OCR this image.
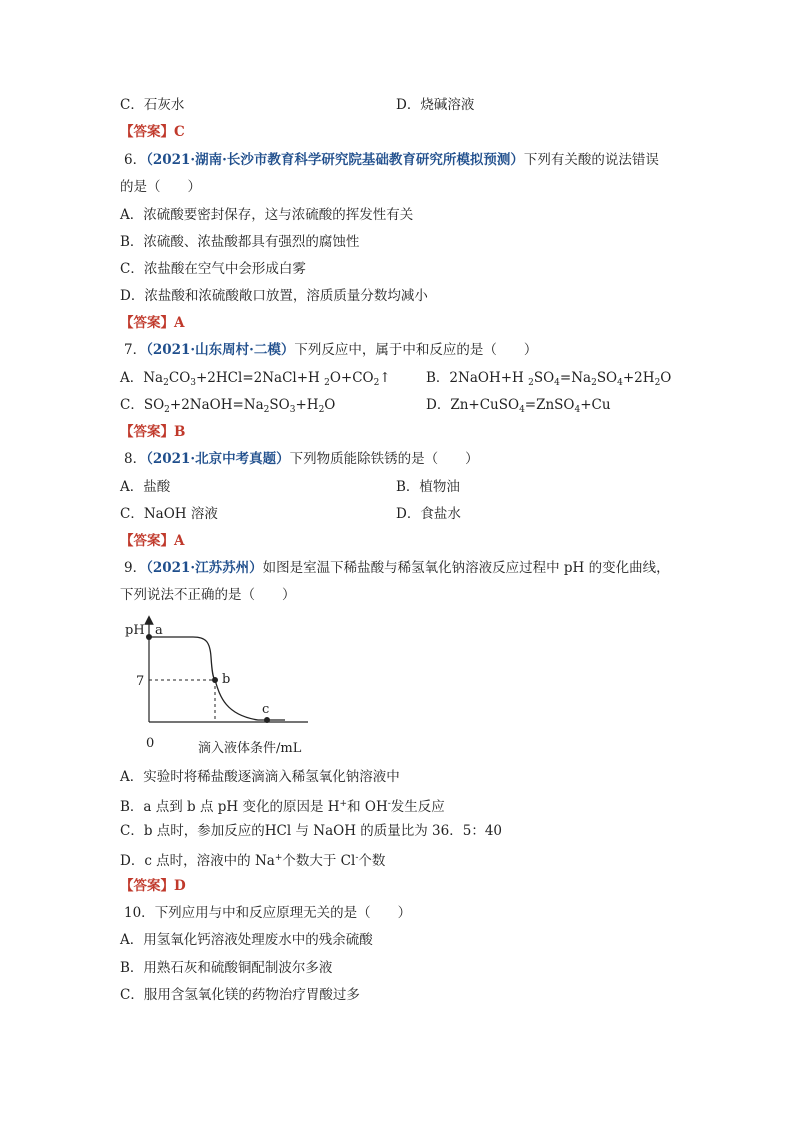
C．石灰水	D．烧碱溶液
【答案】C
6．（2021·湖南·长沙市教育科学研究院基础教育研究所模拟预测）下列有关酸的说法错误
的是（　　）
A．浓硫酸要密封保存，这与浓硫酸的挥发性有关
B．浓硫酸、浓盐酸都具有强烈的腐蚀性
C．浓盐酸在空气中会形成白雾
D．浓盐酸和浓硫酸敞口放置，溶质质量分数均减小
【答案】A
7．（2021·山东周村·二模）下列反应中，属于中和反应的是（　　）
A．$Na_2CO_3+2HCl=2NaCl+H$ $_2O+CO_2↑$	B．2NaOH+H $_2SO_4=Na_2SO_4+2H_2O$
C．$SO_2+2NaOH=Na_2SO_3+H_2O$	D．Zn+CuSO$_4$=ZnSO$_4$+Cu
【答案】B
8．（2021·北京中考真题）下列物质能除铁锈的是（　　）
A．盐酸	B．植物油
C．NaOH 溶液	D．食盐水
【答案】A
9．（2021·江苏苏州）如图是室温下稀盐酸与稀氢氧化钠溶液反应过程中 pH 的变化曲线，
下列说法不正确的是（　　）
pH a
7	b
c
0	滴入液体条件/mL
A．实验时将稀盐酸逐滴滴入稀氢氧化钠溶液中
B．a 点到 b 点 pH 变化的原因是 H+和 OH-发生反应
C．b 点时，参加反应的HCl 与 NaOH 的质量比为 36．5：40
D．c 点时，溶液中的 Na+个数大于 Cl-个数
【答案】D
10．下列应用与中和反应原理无关的是（　　）
A．用氢氧化钙溶液处理废水中的残余硫酸
B．用熟石灰和硫酸铜配制波尔多液
C．服用含氢氧化镁的药物治疗胃酸过多
